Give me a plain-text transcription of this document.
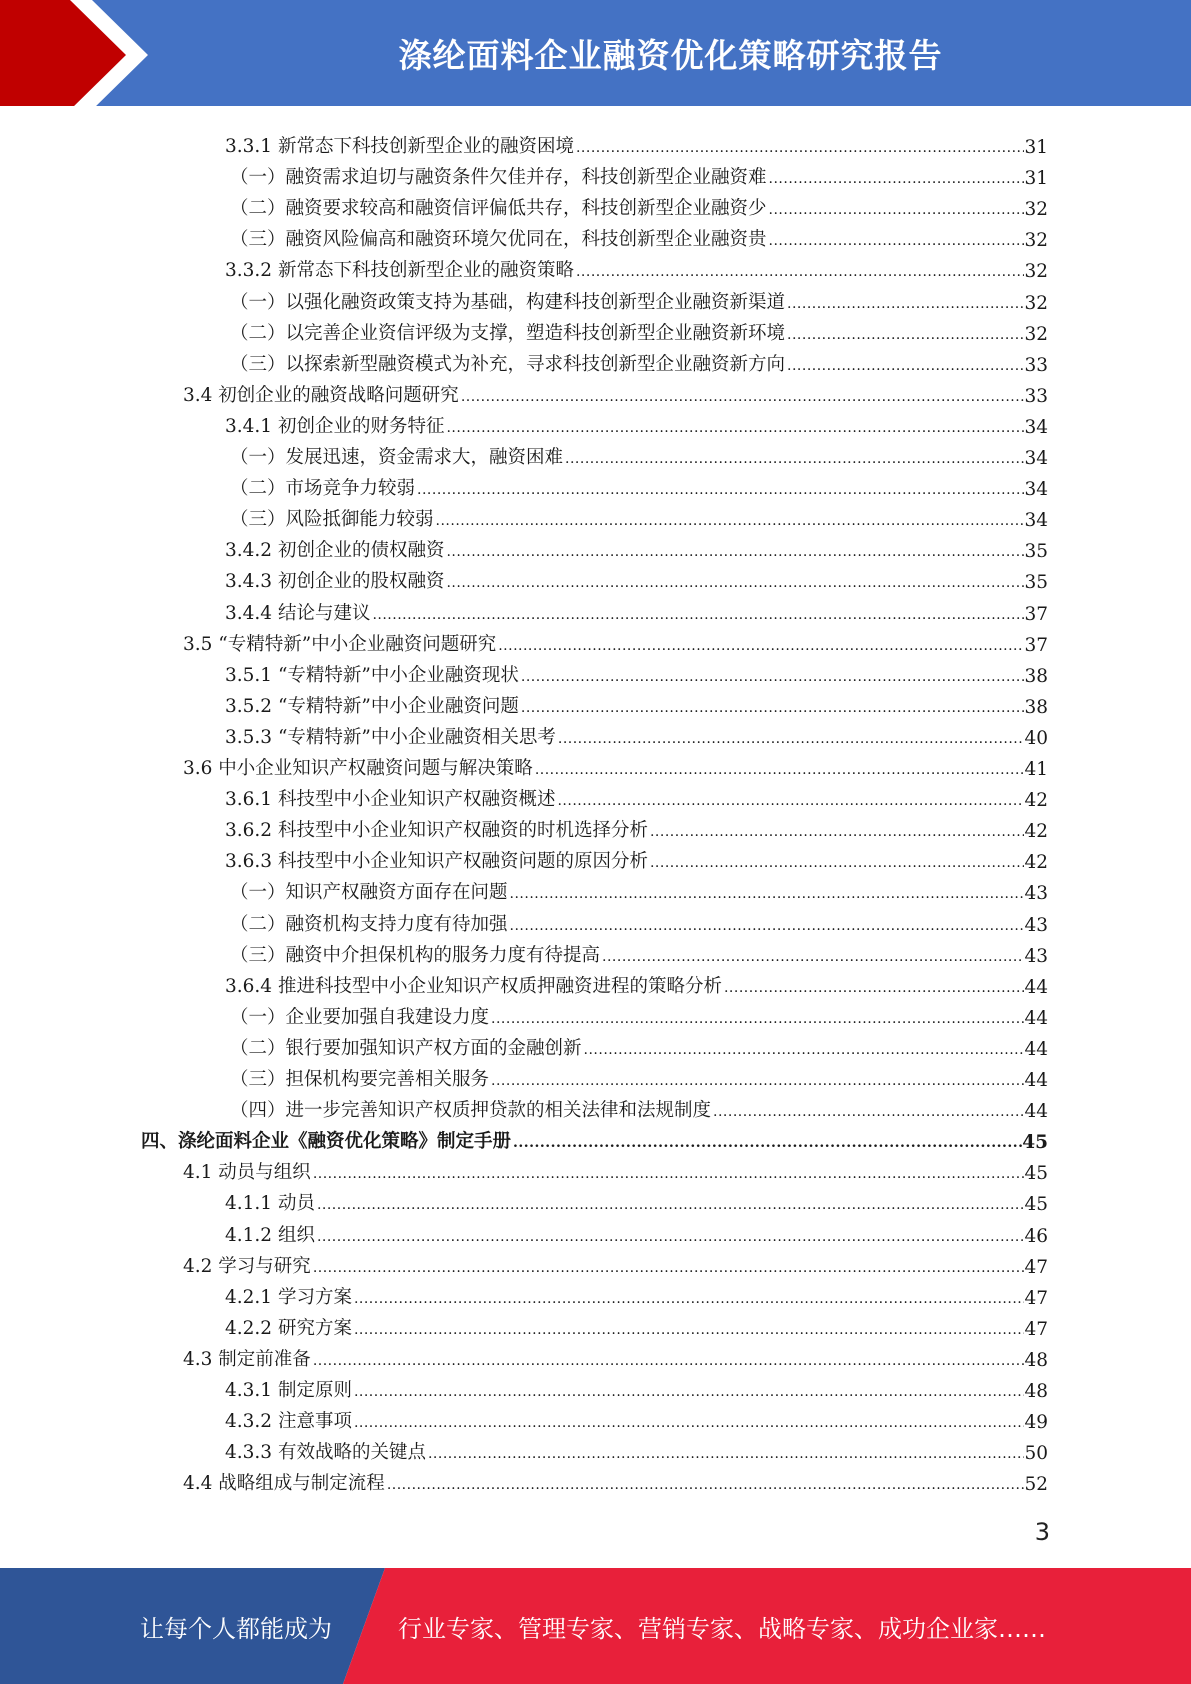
涤纶面料企业融资优化策略研究报告
3.3.1 新常态下科技创新型企业的融资困境 .....	31
（一）融资需求迫切与融资条件欠佳并存，科技创新型企业融资难 .....	31
（二）融资要求较高和融资信评偏低共存，科技创新型企业融资少 .....	32
（三）融资风险偏高和融资环境欠优同在，科技创新型企业融资贵 .....	32
3.3.2 新常态下科技创新型企业的融资策略 .....	32
（一）以强化融资政策支持为基础，构建科技创新型企业融资新渠道 .....	32
（二）以完善企业资信评级为支撑，塑造科技创新型企业融资新环境 .....	32
（三）以探索新型融资模式为补充，寻求科技创新型企业融资新方向 .....	33
3.4 初创企业的融资战略问题研究 .....	33
3.4.1 初创企业的财务特征 .....	34
（一）发展迅速，资金需求大，融资困难 .....	34
（二）市场竞争力较弱 .....	34
（三）风险抵御能力较弱 .....	34
3.4.2 初创企业的债权融资 .....	35
3.4.3 初创企业的股权融资 .....	35
3.4.4 结论与建议 .....	37
3.5 “专精特新”中小企业融资问题研究 .....	37
3.5.1 “专精特新”中小企业融资现状 .....	38
3.5.2 “专精特新”中小企业融资问题 .....	38
3.5.3 “专精特新”中小企业融资相关思考 .....	40
3.6 中小企业知识产权融资问题与解决策略 .....	41
3.6.1 科技型中小企业知识产权融资概述 .....	42
3.6.2 科技型中小企业知识产权融资的时机选择分析 .....	42
3.6.3 科技型中小企业知识产权融资问题的原因分析 .....	42
（一）知识产权融资方面存在问题 .....	43
（二）融资机构支持力度有待加强 .....	43
（三）融资中介担保机构的服务力度有待提高 .....	43
3.6.4 推进科技型中小企业知识产权质押融资进程的策略分析 .....	44
（一）企业要加强自我建设力度 .....	44
（二）银行要加强知识产权方面的金融创新 .....	44
（三）担保机构要完善相关服务 .....	44
（四）进一步完善知识产权质押贷款的相关法律和法规制度 .....	44
四、涤纶面料企业《融资优化策略》制定手册 .....	45
4.1 动员与组织 .....	45
4.1.1 动员 .....	45
4.1.2 组织 .....	46
4.2 学习与研究 .....	47
4.2.1 学习方案 .....	47
4.2.2 研究方案 .....	47
4.3 制定前准备 .....	48
4.3.1 制定原则 .....	48
4.3.2 注意事项 .....	49
4.3.3 有效战略的关键点 .....	50
4.4 战略组成与制定流程 .....	52
3
让每个人都能成为	行业专家、管理专家、营销专家、战略专家、成功企业家……
